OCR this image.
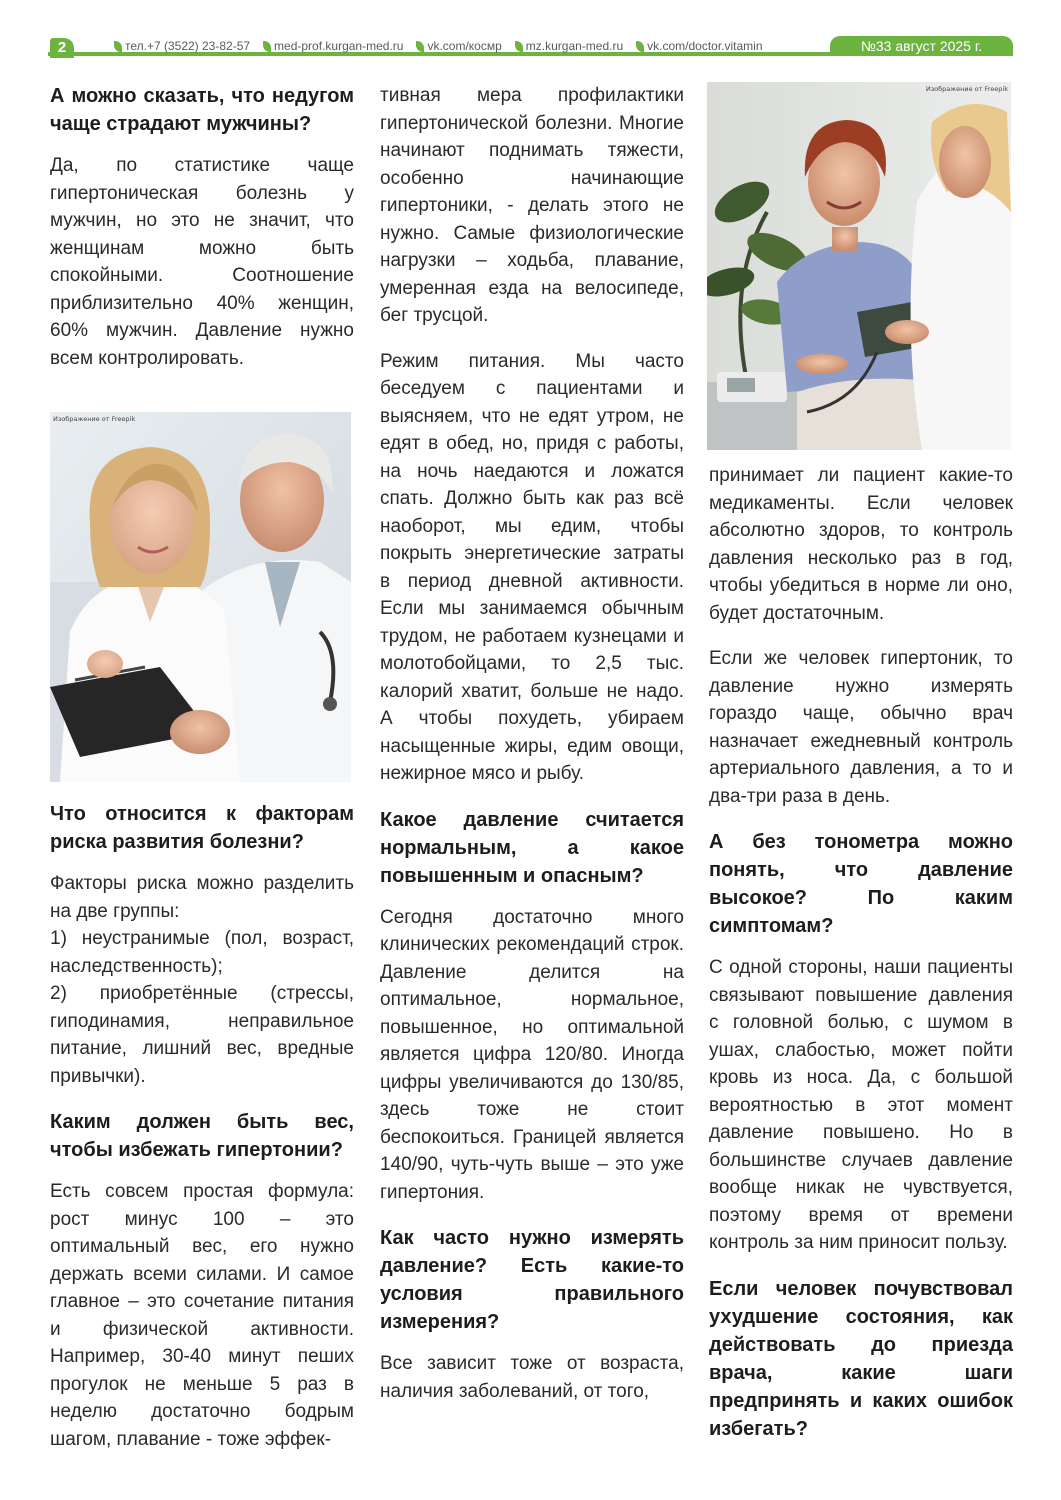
2	тел.+7 (3522) 23-82-57 med-prof.kurgan-med.ru vk.com/космр mz.kurgan-med.ru vk.com/doctor.vitamin	№33 август 2025 г.
А можно сказать, что недугом чаще страдают мужчины?

Да, по статистике чаще гипертоническая болезнь у мужчин, но это не значит, что женщинам можно быть спокойными. Соотношение приблизительно 40% женщин, 60% мужчин. Давление нужно всем контролировать.

Изображение от Freepik
Что относится к факторам риска развития болезни?

Факторы риска можно разделить на две группы:

1) неустранимые (пол, возраст, наследственность);

2) приобретённые (стрессы, гиподинамия, неправильное питание, лишний вес, вредные привычки).

Каким должен быть вес, чтобы избежать гипертонии?

Есть совсем простая формула: рост минус 100 – это оптимальный вес, его нужно держать всеми силами. И самое главное – это сочетание питания и физической активности. Например, 30-40 минут пеших прогулок не меньше 5 раз в неделю достаточно бодрым шагом, плавание - тоже эффек-

тивная мера профилактики гипертонической болезни. Многие начинают поднимать тяжести, особенно начинающие гипертоники, - делать этого не нужно. Самые физиологические нагрузки – ходьба, плавание, умеренная езда на велосипеде, бег трусцой.

Режим питания. Мы часто беседуем с пациентами и выясняем, что не едят утром, не едят в обед, но, придя с работы, на ночь наедаются и ложатся спать. Должно быть как раз всё наоборот, мы едим, чтобы покрыть энергетические затраты в период дневной активности. Если мы занимаемся обычным трудом, не работаем кузнецами и молотобойцами, то 2,5 тыс. калорий хватит, больше не надо. А чтобы похудеть, убираем насыщенные жиры, едим овощи, нежирное мясо и рыбу.

Какое давление считается нормальным, а какое повышенным и опасным?

Сегодня достаточно много клинических рекомендаций строк. Давление делится на оптимальное, нормальное, повышенное, но оптимальной является цифра 120/80. Иногда цифры увеличиваются до 130/85, здесь тоже не стоит беспокоиться. Границей является 140/90, чуть-чуть выше – это уже гипертония.

Как часто нужно измерять давление? Есть какие-то условия правильного измерения?

Все зависит тоже от возраста, наличия заболеваний, от того,

Изображение от Freepik

принимает ли пациент какие-то медикаменты. Если человек абсолютно здоров, то контроль давления несколько раз в год, чтобы убедиться в норме ли оно, будет достаточным.

Если же человек гипертоник, то давление нужно измерять гораздо чаще, обычно врач назначает ежедневный контроль артериального давления, а то и два-три раза в день.

А без тонометра можно понять, что давление высокое? По каким симптомам?

С одной стороны, наши пациенты связывают повышение давления с головной болью, с шумом в ушах, слабостью, может пойти кровь из носа. Да, с большой вероятностью в этот момент давление повышено. Но в большинстве случаев давление вообще никак не чувствуется, поэтому время от времени контроль за ним приносит пользу.

Если человек почувствовал ухудшение состояния, как действовать до приезда врача, какие шаги предпринять и каких ошибок избегать?
